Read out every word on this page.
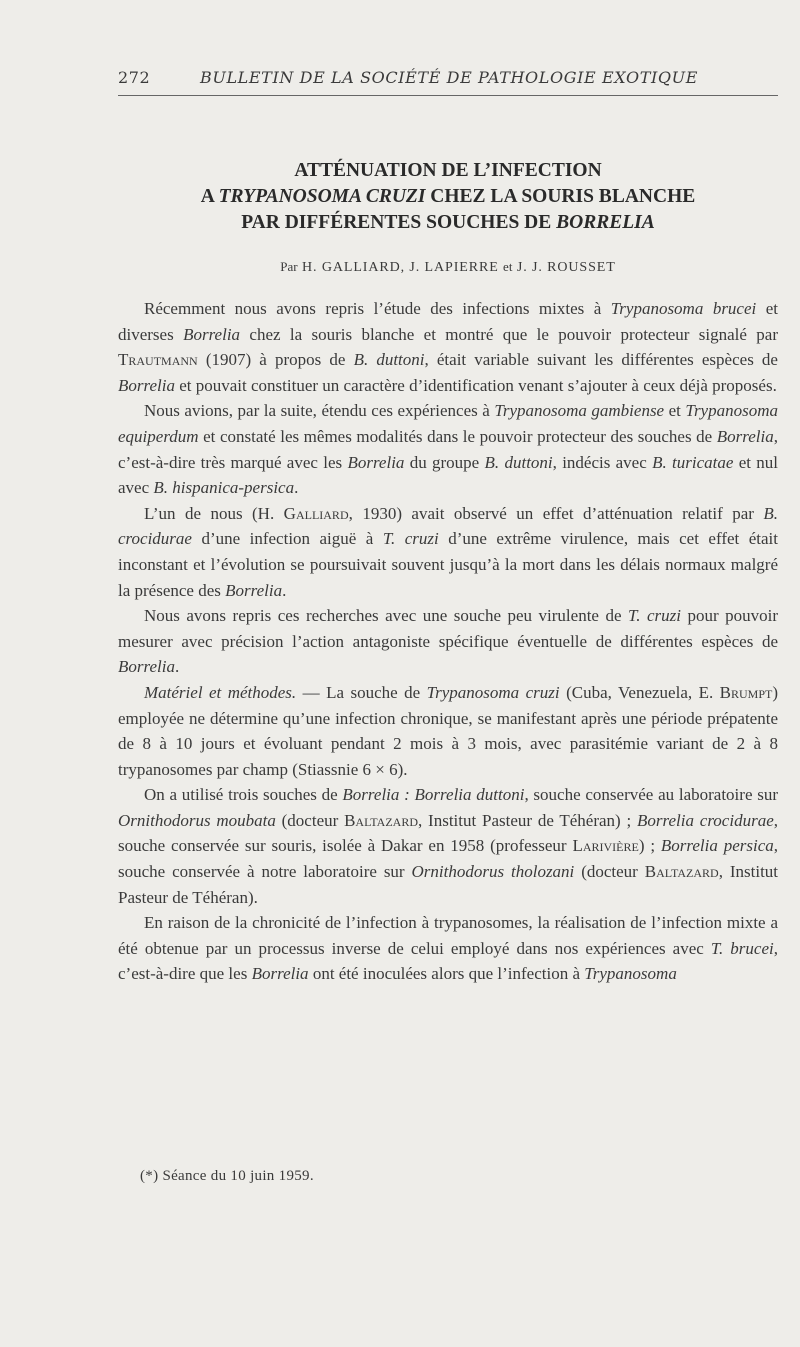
272	BULLETIN DE LA SOCIÉTÉ DE PATHOLOGIE EXOTIQUE
ATTÉNUATION DE L’INFECTION
A TRYPANOSOMA CRUZI CHEZ LA SOURIS BLANCHE
PAR DIFFÉRENTES SOUCHES DE BORRELIA
Par H. GALLIARD, J. LAPIERRE et J. J. ROUSSET

Récemment nous avons repris l’étude des infections mixtes à Trypanosoma brucei et diverses Borrelia chez la souris blanche et montré que le pouvoir protecteur signalé par Trautmann (1907) à propos de B. duttoni, était variable suivant les différentes espèces de Borrelia et pouvait constituer un caractère d’identification venant s’ajouter à ceux déjà proposés.

Nous avions, par la suite, étendu ces expériences à Trypanosoma gambiense et Trypanosoma equiperdum et constaté les mêmes modalités dans le pouvoir protecteur des souches de Borrelia, c’est-à-dire très marqué avec les Borrelia du groupe B. duttoni, indécis avec B. turicatae et nul avec B. hispanica-persica.

L’un de nous (H. Galliard, 1930) avait observé un effet d’atténuation relatif par B. crocidurae d’une infection aiguë à T. cruzi d’une extrême virulence, mais cet effet était inconstant et l’évolution se poursuivait souvent jusqu’à la mort dans les délais normaux malgré la présence des Borrelia.

Nous avons repris ces recherches avec une souche peu virulente de T. cruzi pour pouvoir mesurer avec précision l’action antagoniste spécifique éventuelle de différentes espèces de Borrelia.

Matériel et méthodes. — La souche de Trypanosoma cruzi (Cuba, Venezuela, E. Brumpt) employée ne détermine qu’une infection chronique, se manifestant après une période prépatente de 8 à 10 jours et évoluant pendant 2 mois à 3 mois, avec parasitémie variant de 2 à 8 trypanosomes par champ (Stiassnie 6 × 6).

On a utilisé trois souches de Borrelia : Borrelia duttoni, souche conservée au laboratoire sur Ornithodorus moubata (docteur Baltazard, Institut Pasteur de Téhéran) ; Borrelia crocidurae, souche conservée sur souris, isolée à Dakar en 1958 (professeur Larivière) ; Borrelia persica, souche conservée à notre laboratoire sur Ornithodorus tholozani (docteur Baltazard, Institut Pasteur de Téhéran).

En raison de la chronicité de l’infection à trypanosomes, la réalisation de l’infection mixte a été obtenue par un processus inverse de celui employé dans nos expériences avec T. brucei, c’est-à-dire que les Borrelia ont été inoculées alors que l’infection à Trypanosoma

(*) Séance du 10 juin 1959.
